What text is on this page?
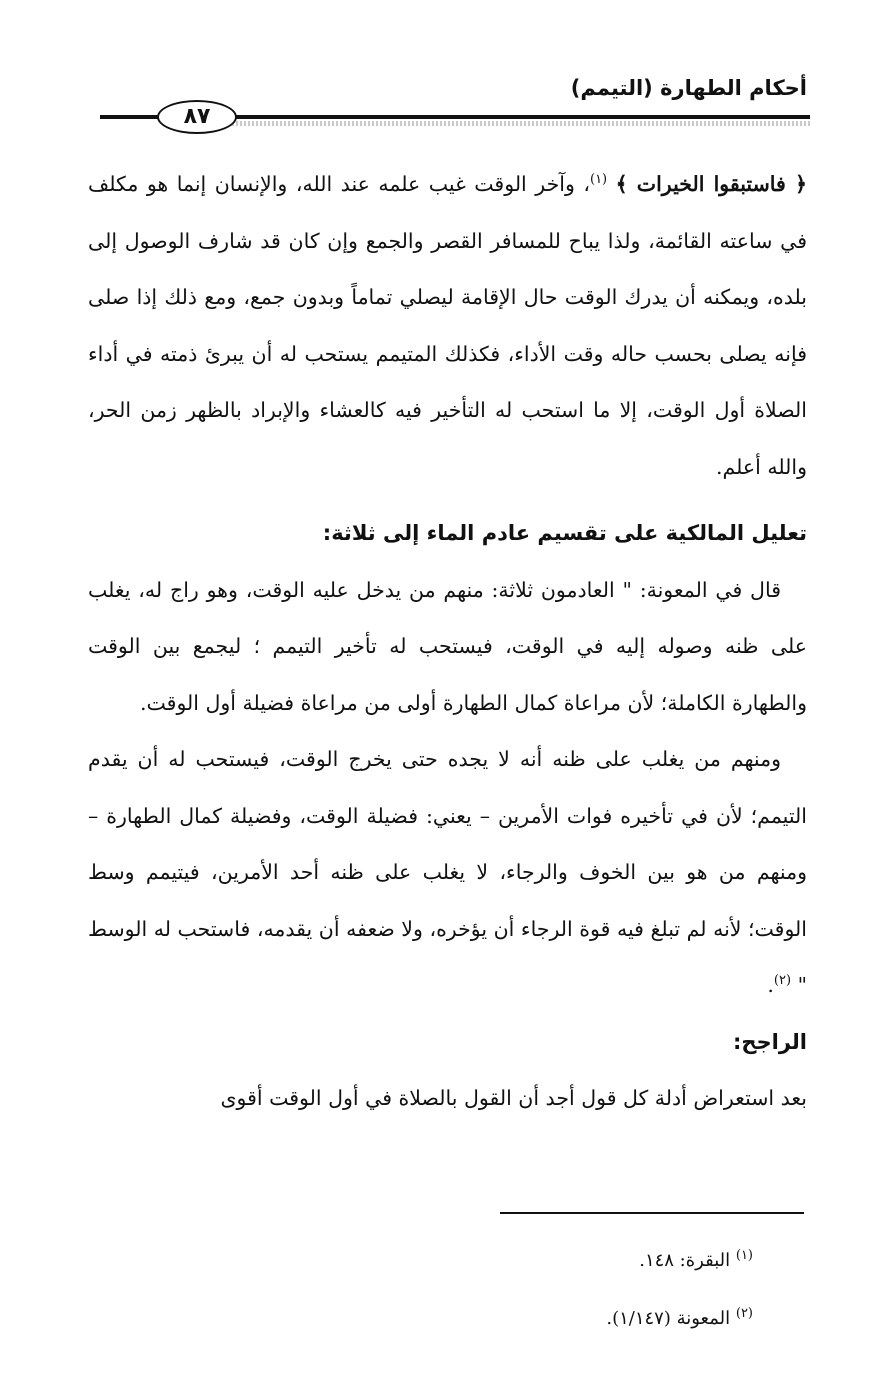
أحكام الطهارة (التيمم)
٨٧

﴿ فاستبقوا الخيرات ﴾ $^{(١)}$، وآخر الوقت غيب علمه عند الله، والإنسان إنما هو مكلف في ساعته القائمة، ولذا يباح للمسافر القصر والجمع وإن كان قد شارف الوصول إلى بلده، ويمكنه أن يدرك الوقت حال الإقامة ليصلي تماماً وبدون جمع، ومع ذلك إذا صلى فإنه يصلى بحسب حاله وقت الأداء، فكذلك المتيمم يستحب له أن يبرئ ذمته في أداء الصلاة أول الوقت، إلا ما استحب له التأخير فيه كالعشاء والإبراد بالظهر زمن الحر، والله أعلم.

تعليل المالكية على تقسيم عادم الماء إلى ثلاثة:

قال في المعونة: " العادمون ثلاثة: منهم من يدخل عليه الوقت، وهو راج له، يغلب على ظنه وصوله إليه في الوقت، فيستحب له تأخير التيمم ؛ ليجمع بين الوقت والطهارة الكاملة؛ لأن مراعاة كمال الطهارة أولى من مراعاة فضيلة أول الوقت.

ومنهم من يغلب على ظنه أنه لا يجده حتى يخرج الوقت، فيستحب له أن يقدم التيمم؛ لأن في تأخيره فوات الأمرين – يعني: فضيلة الوقت، وفضيلة كمال الطهارة – ومنهم من هو بين الخوف والرجاء، لا يغلب على ظنه أحد الأمرين، فيتيمم وسط الوقت؛ لأنه لم تبلغ فيه قوة الرجاء أن يؤخره، ولا ضعفه أن يقدمه، فاستحب له الوسط " $^{(٢)}$.

الراجح:

بعد استعراض أدلة كل قول أجد أن القول بالصلاة في أول الوقت أقوى

$^{(١)}$ البقرة: ١٤٨.

$^{(٢)}$ المعونة (١/١٤٧).
